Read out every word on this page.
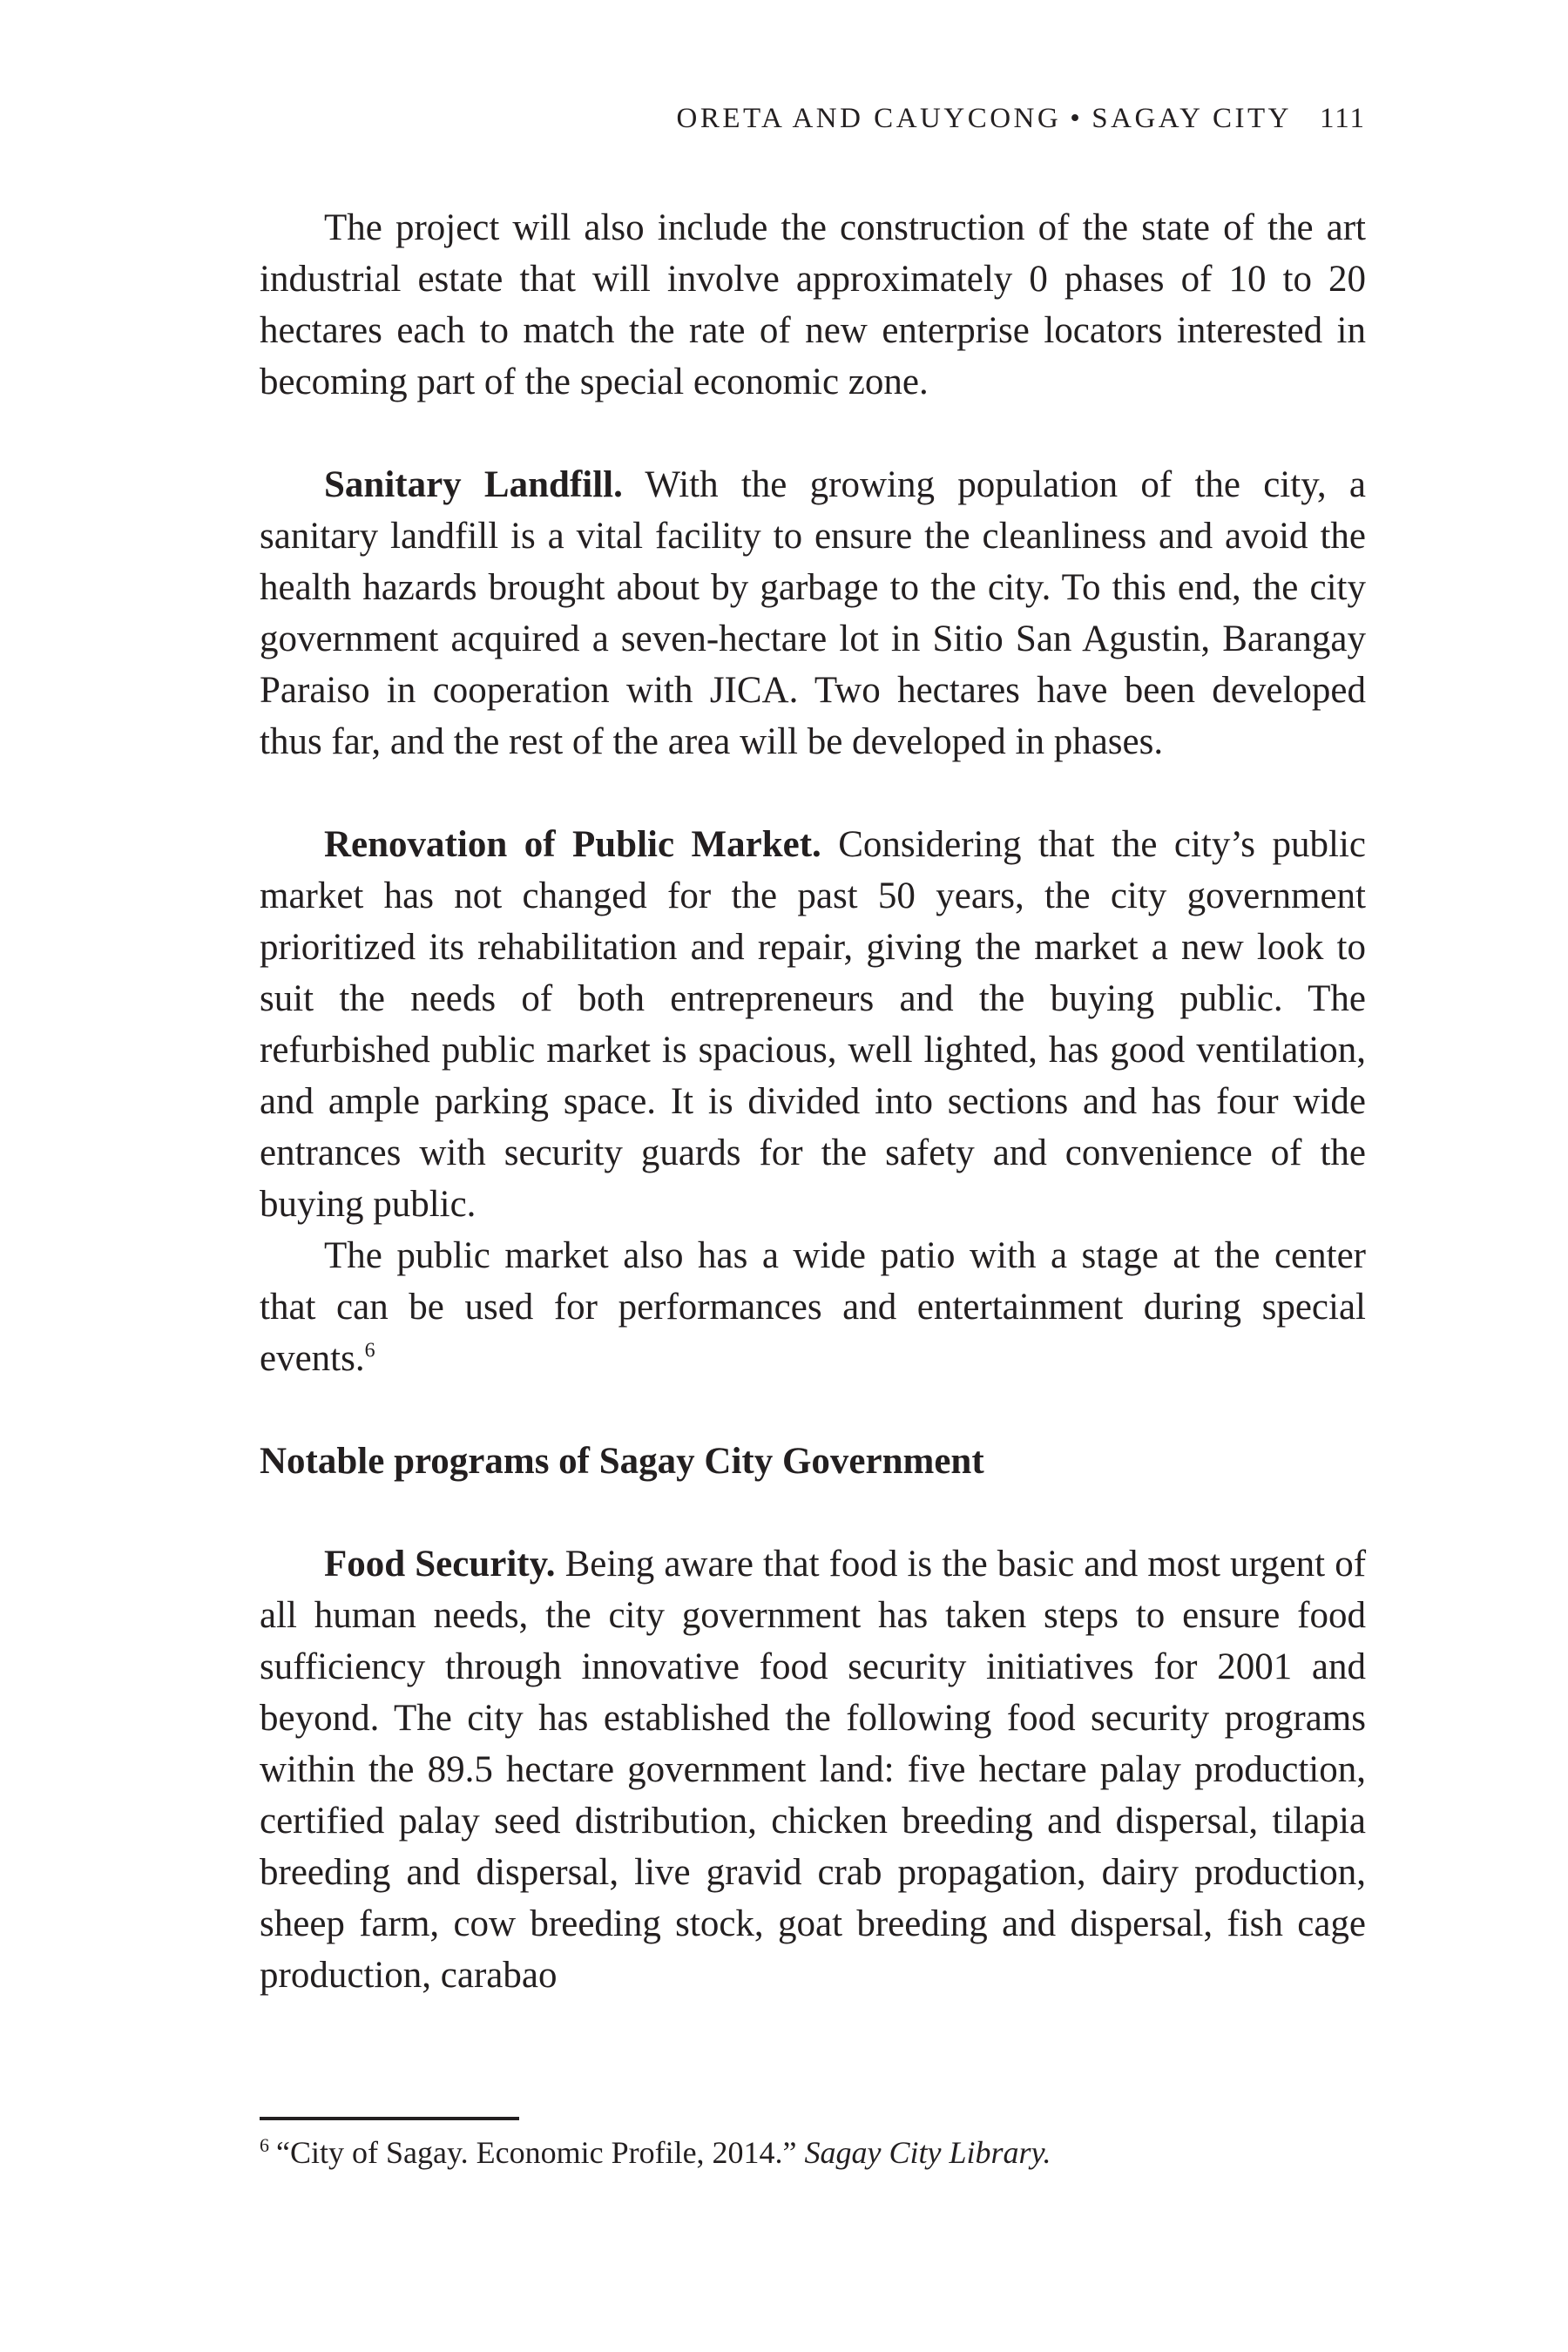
ORETA AND CAUYCONG • SAGAY CITY 111

The project will also include the construction of the state of the art industrial estate that will involve approximately 0 phases of 10 to 20 hectares each to match the rate of new enterprise locators interested in becoming part of the special economic zone.

Sanitary Landfill. With the growing population of the city, a sanitary landfill is a vital facility to ensure the cleanliness and avoid the health hazards brought about by garbage to the city. To this end, the city government acquired a seven-hectare lot in Sitio San Agustin, Barangay Paraiso in cooperation with JICA. Two hectares have been developed thus far, and the rest of the area will be developed in phases.

Renovation of Public Market. Considering that the city’s public market has not changed for the past 50 years, the city government prioritized its rehabilitation and repair, giving the market a new look to suit the needs of both entrepreneurs and the buying public. The refurbished public market is spacious, well lighted, has good ventilation, and ample parking space. It is divided into sections and has four wide entrances with security guards for the safety and convenience of the buying public.

The public market also has a wide patio with a stage at the center that can be used for performances and entertainment during special events.$^6$

Notable programs of Sagay City Government

Food Security. Being aware that food is the basic and most urgent of all human needs, the city government has taken steps to ensure food sufficiency through innovative food security initiatives for 2001 and beyond. The city has established the following food security programs within the 89.5 hectare government land: five hectare palay production, certified palay seed distribution, chicken breeding and dispersal, tilapia breeding and dispersal, live gravid crab propagation, dairy production, sheep farm, cow breeding stock, goat breeding and dispersal, fish cage production, carabao

$^6$ “City of Sagay. Economic Profile, 2014.” Sagay City Library.
